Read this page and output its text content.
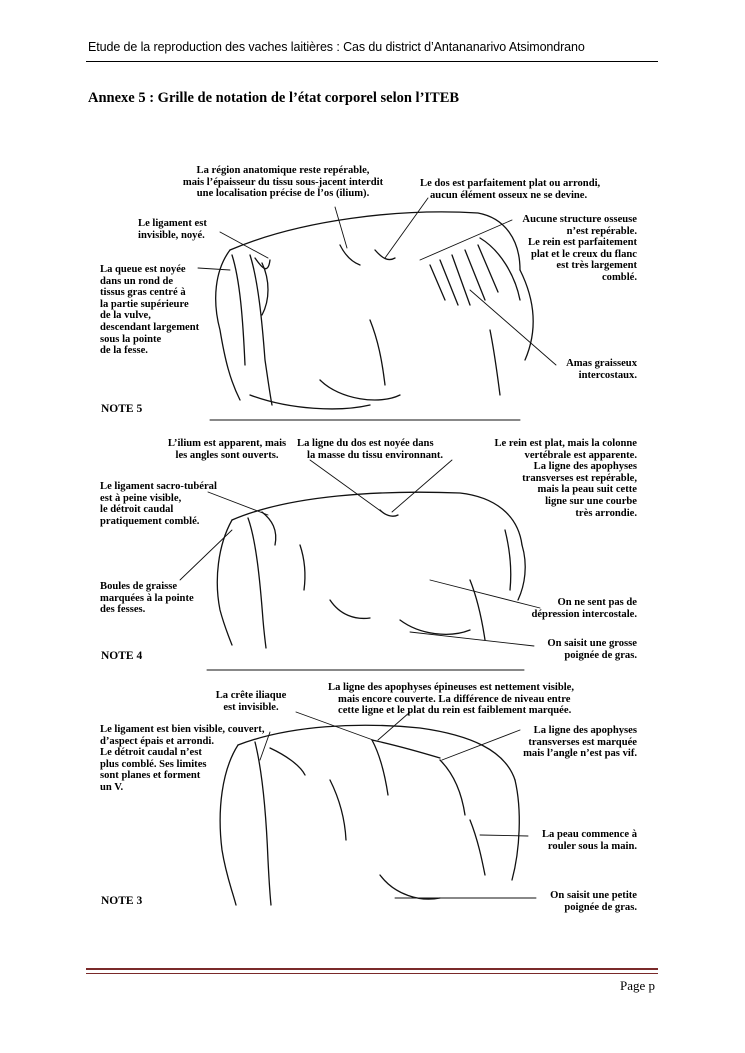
Etude de la reproduction des vaches laitières : Cas du district d’Antananarivo Atsimondrano
Annexe 5 : Grille de notation de l’état corporel selon l’ITEB
La région anatomique reste repérable,
mais l’épaisseur du tissu sous-jacent interdit
une localisation précise de l’os (ilium).
Le dos est parfaitement plat ou arrondi,
aucun élément osseux ne se devine.
Le ligament est
invisible, noyé.
La queue est noyée
dans un rond de
tissus gras centré à
la partie supérieure
de la vulve,
descendant largement
sous la pointe
de la fesse.
Aucune structure osseuse
n’est repérable.
Le rein est parfaitement
plat et le creux du flanc
est très largement
comblé.
Amas graisseux
intercostaux.
NOTE 5
L’ilium est apparent, mais
les angles sont ouverts.
La ligne du dos est noyée dans
la masse du tissu environnant.
Le rein est plat, mais la colonne
vertébrale est apparente.
La ligne des apophyses
transverses est repérable,
mais la peau suit cette
ligne sur une courbe
très arrondie.
Le ligament sacro-tubéral
est à peine visible,
le détroit caudal
pratiquement comblé.
Boules de graisse
marquées à la pointe
des fesses.
On ne sent pas de
dépression intercostale.
On saisit une grosse
poignée de gras.
NOTE 4
La crête iliaque
est invisible.
La ligne des apophyses épineuses est nettement visible,
mais encore couverte. La différence de niveau entre
cette ligne et le plat du rein est faiblement marquée.
Le ligament est bien visible, couvert,
d’aspect épais et arrondi.
Le détroit caudal n’est
plus comblé. Ses limites
sont planes et forment
un V.
La ligne des apophyses
transverses est marquée
mais l’angle n’est pas vif.
La peau commence à
rouler sous la main.
On saisit une petite
poignée de gras.
NOTE 3
Page p
